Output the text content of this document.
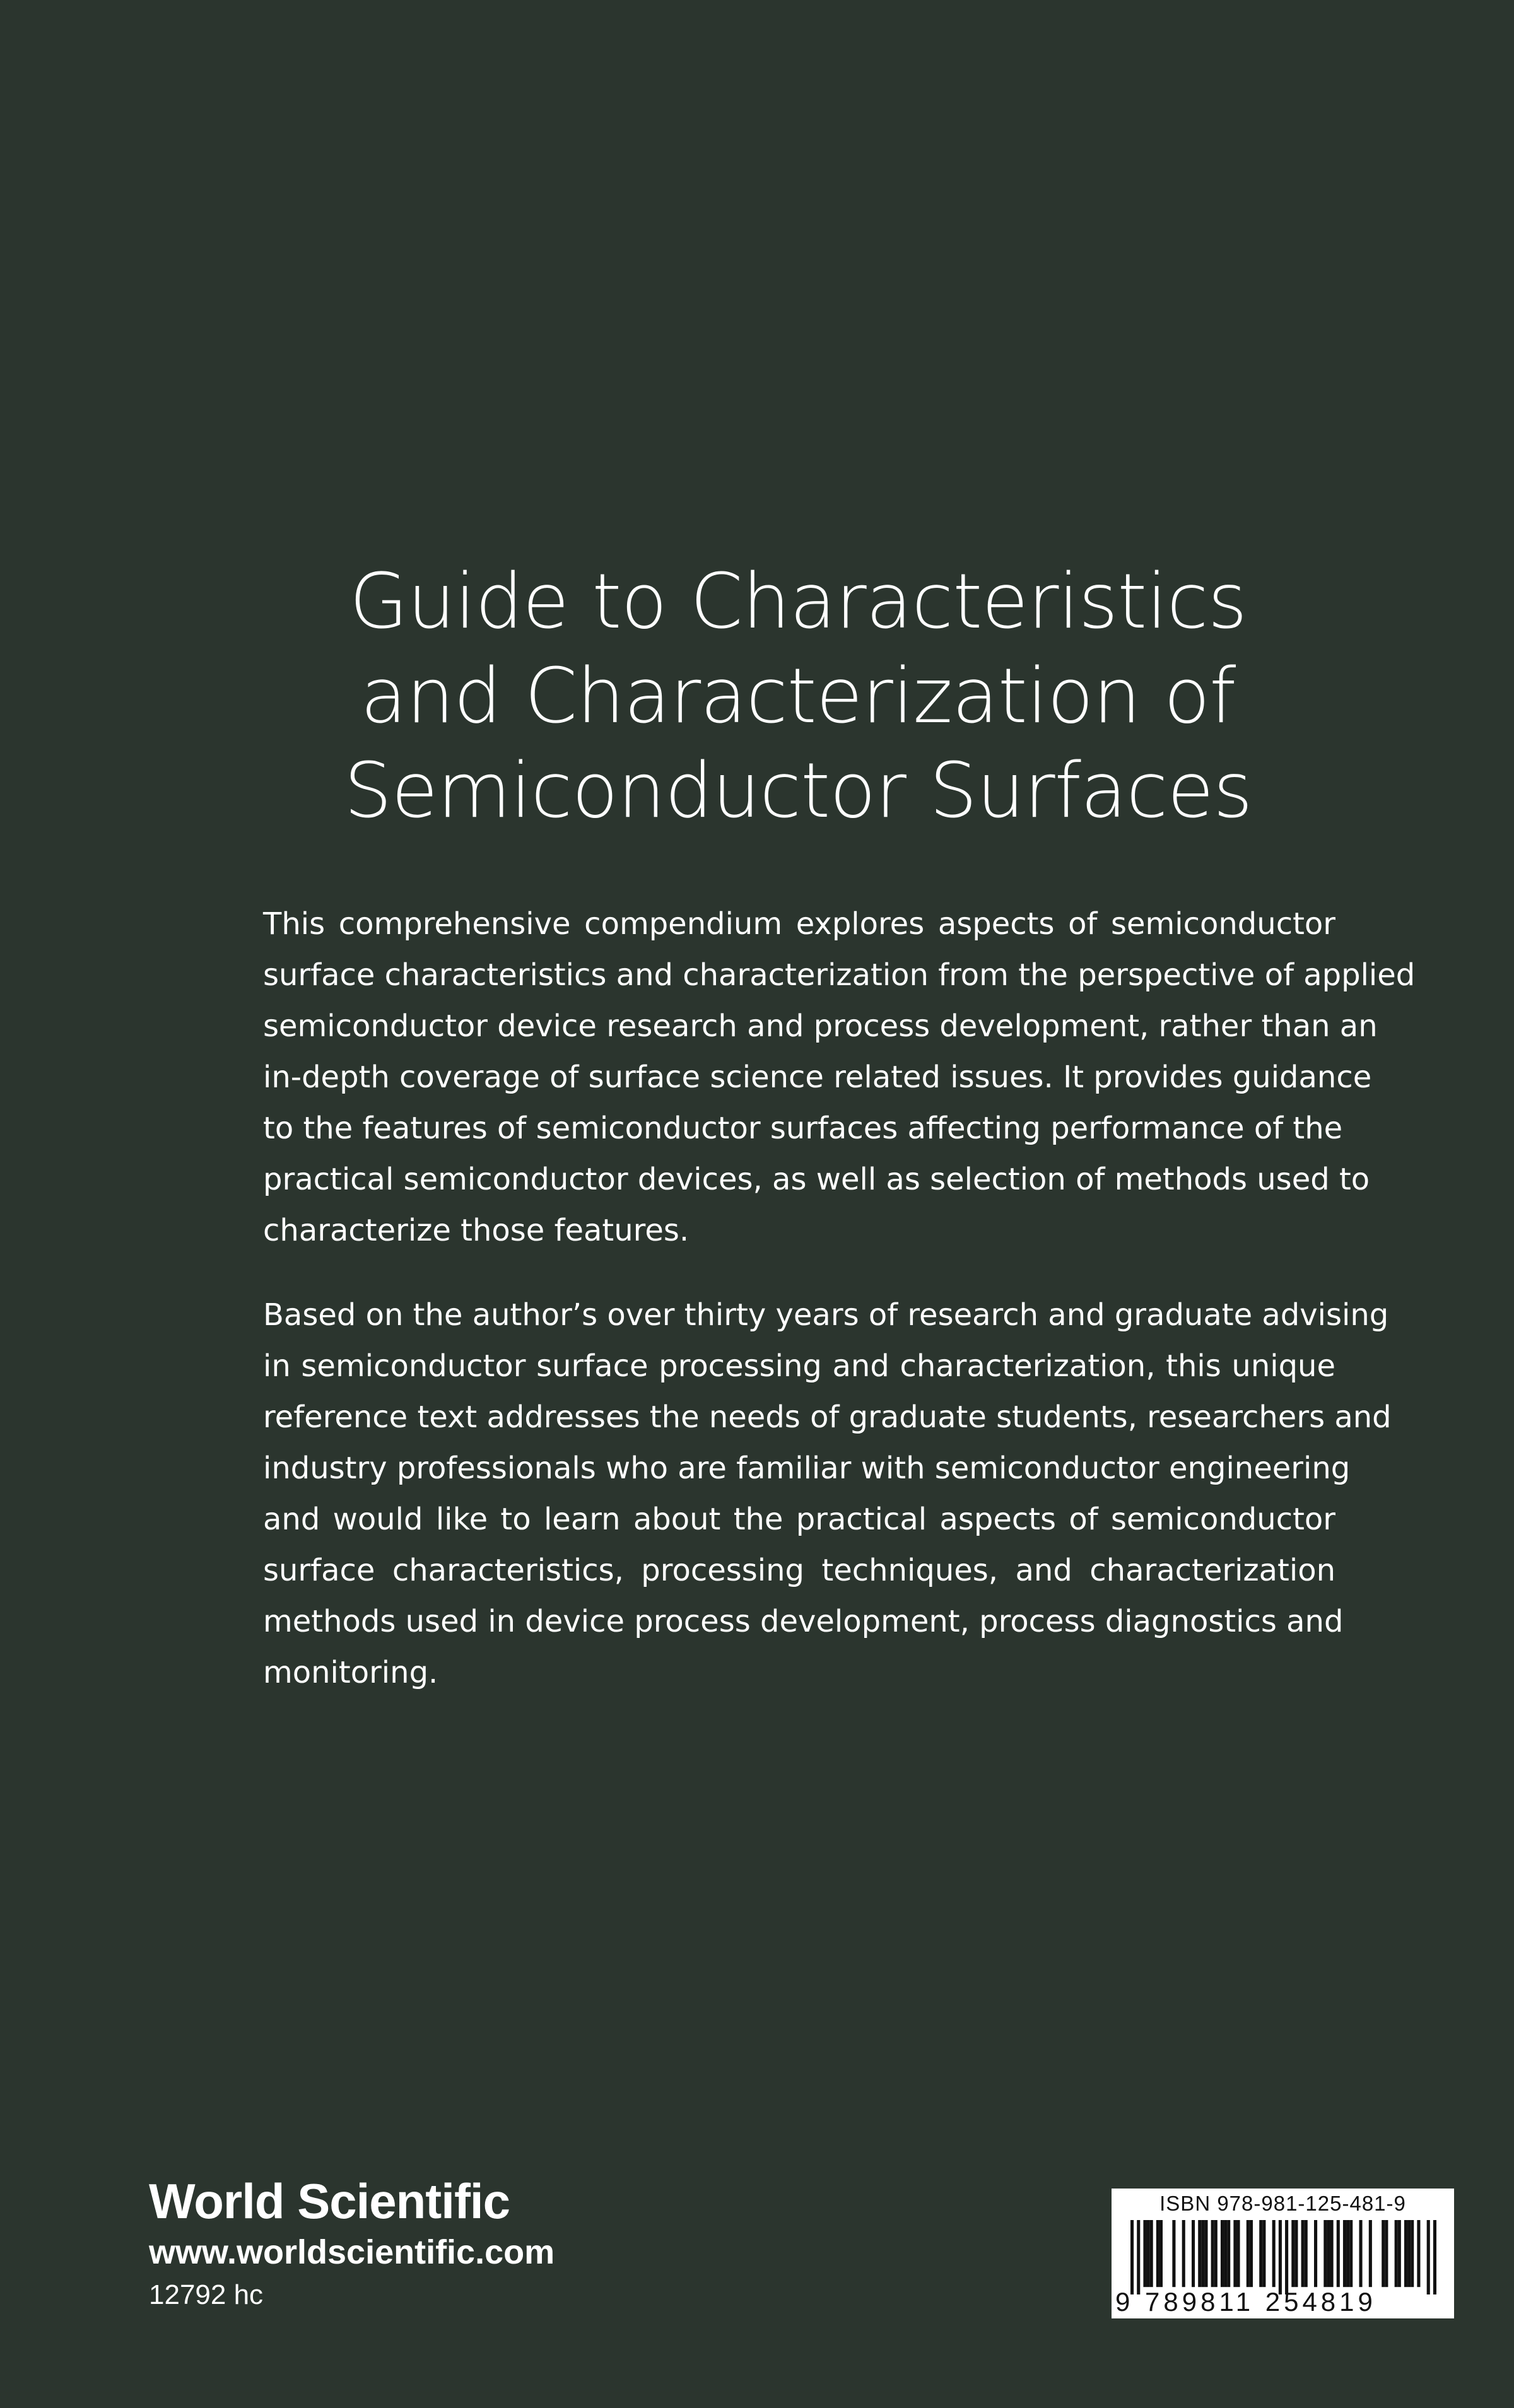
Guide to Characteristics
and Characterization of
Semiconductor Surfaces
This comprehensive compendium explores aspects of semiconductor
surface characteristics and characterization from the perspective of applied
semiconductor device research and process development, rather than an
in-depth coverage of surface science related issues. It provides guidance
to the features of semiconductor surfaces affecting performance of the
practical semiconductor devices, as well as selection of methods used to
characterize those features.
Based on the author’s over thirty years of research and graduate advising
in semiconductor surface processing and characterization, this unique
reference text addresses the needs of graduate students, researchers and
industry professionals who are familiar with semiconductor engineering
and would like to learn about the practical aspects of semiconductor
surface characteristics, processing techniques, and characterization
methods used in device process development, process diagnostics and
monitoring.
World Scientific
www.worldscientific.com
12792 hc
ISBN 978-981-125-481-9
9 789811 254819
